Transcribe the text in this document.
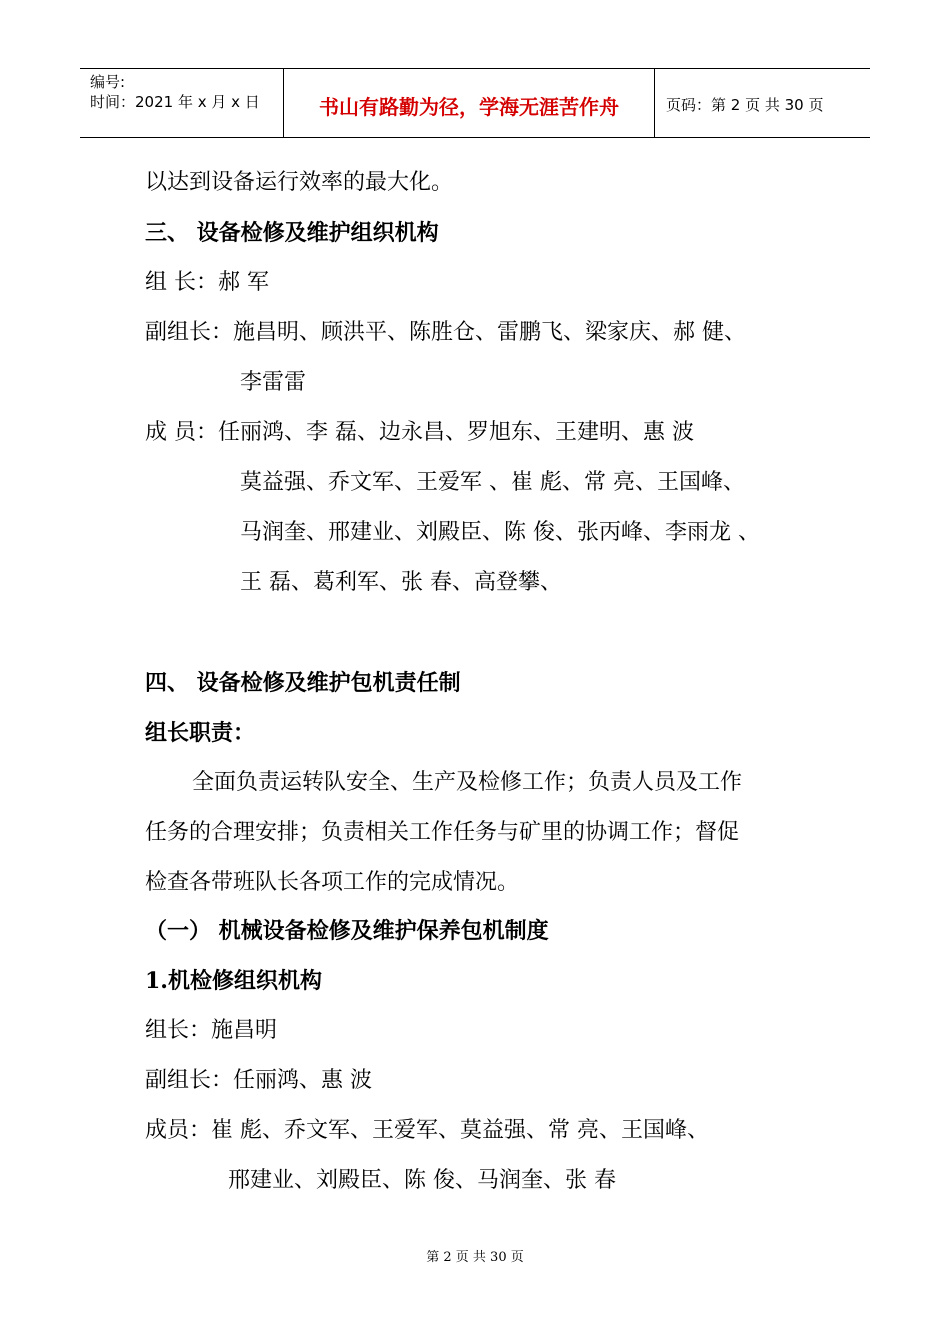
编号:
时间：2021 年 x 月 x 日	书山有路勤为径，学海无涯苦作舟	页码：第 2 页 共 30 页
以达到设备运行效率的最大化。
三、 设备检修及维护组织机构
组 长：郝 军
副组长：施昌明、顾洪平、陈胜仓、雷鹏飞、梁家庆、郝 健、
李雷雷
成 员：任丽鸿、李 磊、边永昌、罗旭东、王建明、惠 波
莫益强、乔文军、王爱军 、崔 彪、常 亮、王国峰、
马润奎、邢建业、刘殿臣、陈 俊、张丙峰、李雨龙 、
王 磊、葛利军、张 春、高登攀、
四、 设备检修及维护包机责任制
组长职责：
全面负责运转队安全、生产及检修工作；负责人员及工作
任务的合理安排；负责相关工作任务与矿里的协调工作；督促
检查各带班队长各项工作的完成情况。
（一） 机械设备检修及维护保养包机制度
1.机检修组织机构
组长：施昌明
副组长：任丽鸿、惠 波
成员：崔 彪、乔文军、王爱军、莫益强、常 亮、王国峰、
邢建业、刘殿臣、陈 俊、马润奎、张 春
第 2 页 共 30 页
